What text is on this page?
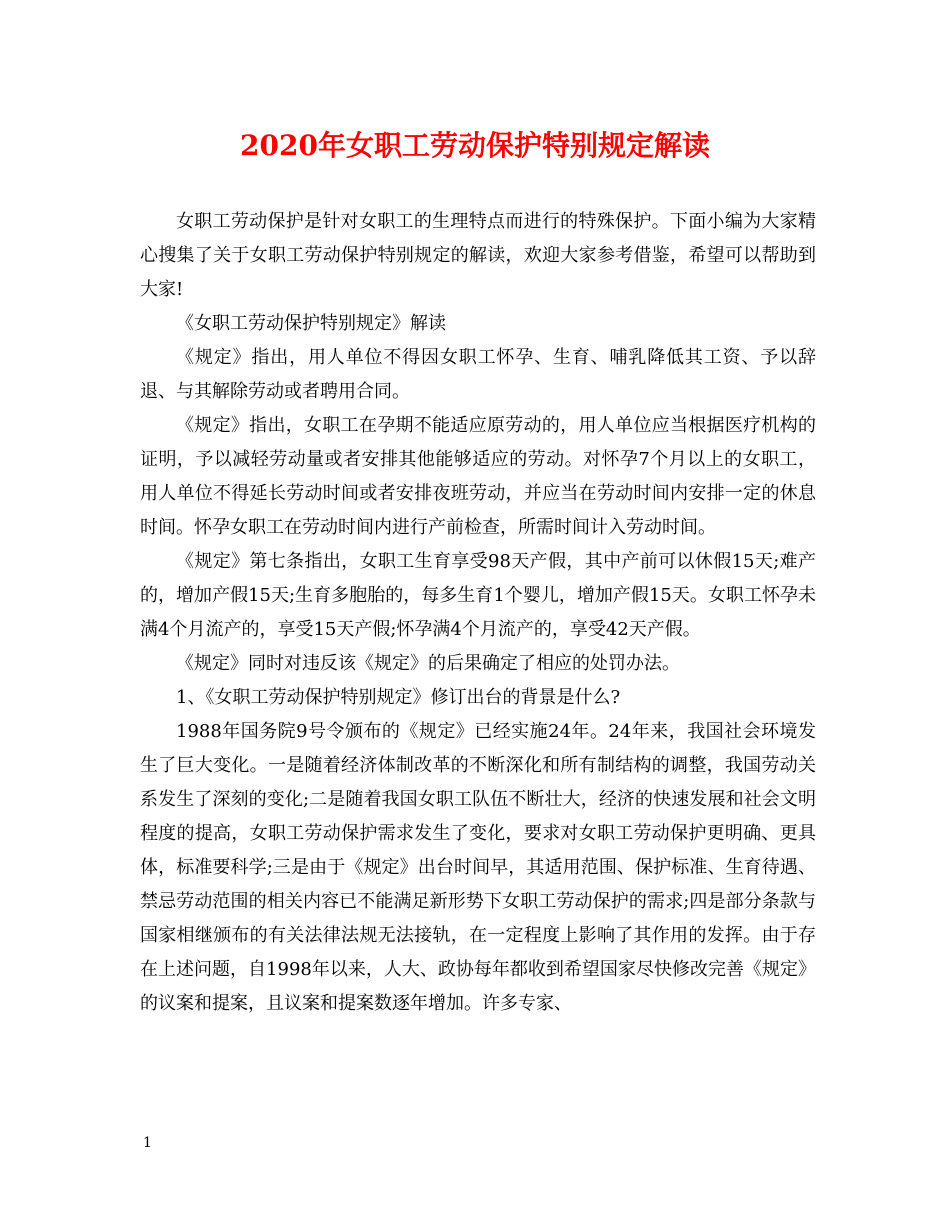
2020年女职工劳动保护特别规定解读

女职工劳动保护是针对女职工的生理特点而进行的特殊保护。下面小编为大家精心搜集了关于女职工劳动保护特别规定的解读，欢迎大家参考借鉴，希望可以帮助到大家!

《女职工劳动保护特别规定》解读

《规定》指出，用人单位不得因女职工怀孕、生育、哺乳降低其工资、予以辞退、与其解除劳动或者聘用合同。

《规定》指出，女职工在孕期不能适应原劳动的，用人单位应当根据医疗机构的证明，予以减轻劳动量或者安排其他能够适应的劳动。对怀孕7个月以上的女职工，用人单位不得延长劳动时间或者安排夜班劳动，并应当在劳动时间内安排一定的休息时间。怀孕女职工在劳动时间内进行产前检查，所需时间计入劳动时间。

《规定》第七条指出，女职工生育享受98天产假，其中产前可以休假15天;难产的，增加产假15天;生育多胞胎的，每多生育1个婴儿，增加产假15天。女职工怀孕未满4个月流产的，享受15天产假;怀孕满4个月流产的，享受42天产假。

《规定》同时对违反该《规定》的后果确定了相应的处罚办法。

1、《女职工劳动保护特别规定》修订出台的背景是什么?

1988年国务院9号令颁布的《规定》已经实施24年。24年来，我国社会环境发生了巨大变化。一是随着经济体制改革的不断深化和所有制结构的调整，我国劳动关系发生了深刻的变化;二是随着我国女职工队伍不断壮大，经济的快速发展和社会文明程度的提高，女职工劳动保护需求发生了变化，要求对女职工劳动保护更明确、更具体，标准要科学;三是由于《规定》出台时间早，其适用范围、保护标准、生育待遇、禁忌劳动范围的相关内容已不能满足新形势下女职工劳动保护的需求;四是部分条款与国家相继颁布的有关法律法规无法接轨，在一定程度上影响了其作用的发挥。由于存在上述问题，自1998年以来，人大、政协每年都收到希望国家尽快修改完善《规定》的议案和提案，且议案和提案数逐年增加。许多专家、

1
